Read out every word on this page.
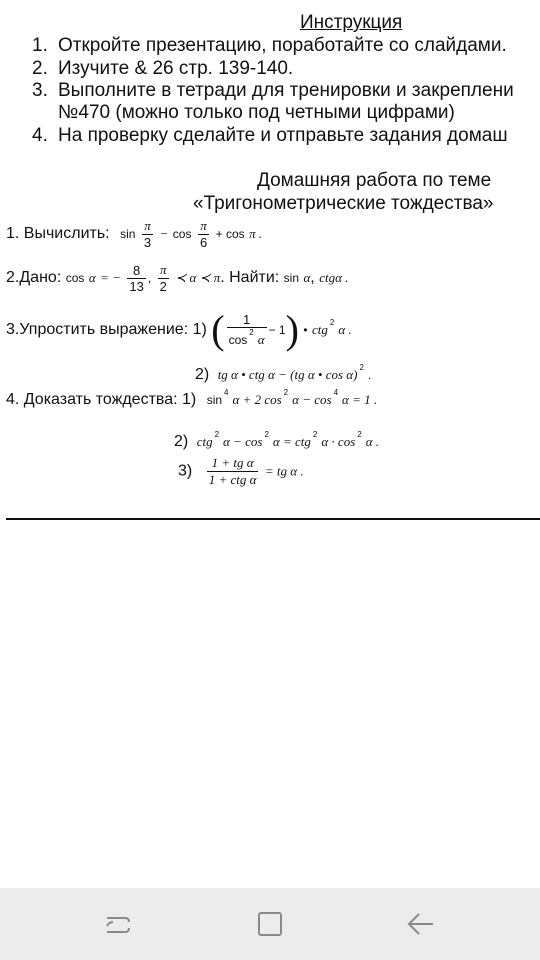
Инструкция
1. Откройте презентацию, поработайте со слайдами.
2. Изучите & 26 стр. 139-140.
3. Выполните в тетради для тренировки и закреплени
№470 (можно только под четными цифрами)
4. На проверку сделайте и отправьте задания домаш
Домашняя работа по теме
«Тригонометрические тождества»
1. Вычислить: $\sin \frac{\pi}{3} - \cos \frac{\pi}{6} + \cos \pi$ .
2.Дано: cos α = − $\frac{8}{13}$ , $\frac{\pi}{2}$ ≺ α ≺ π. Найти: sin α, ctgα .
3.Упростить выражение: 1) ( $\frac{1}{\cos^2 \alpha} - 1$) • ctg $^2$ α .
2) tg α • ctg α − (tg α • cos α) $^2$.
4. Доказать тождества: 1) $\sin^4 \alpha + 2$ cos $^2$ α − cos $^4$ α = 1 .
2) ctg $^2$ α − cos $^2$ α = ctg $^2$ α · cos $^2$ α .
$3) \frac{\text{1 + tg α}}{\text{1 + ctg α}}$ = tg α .
